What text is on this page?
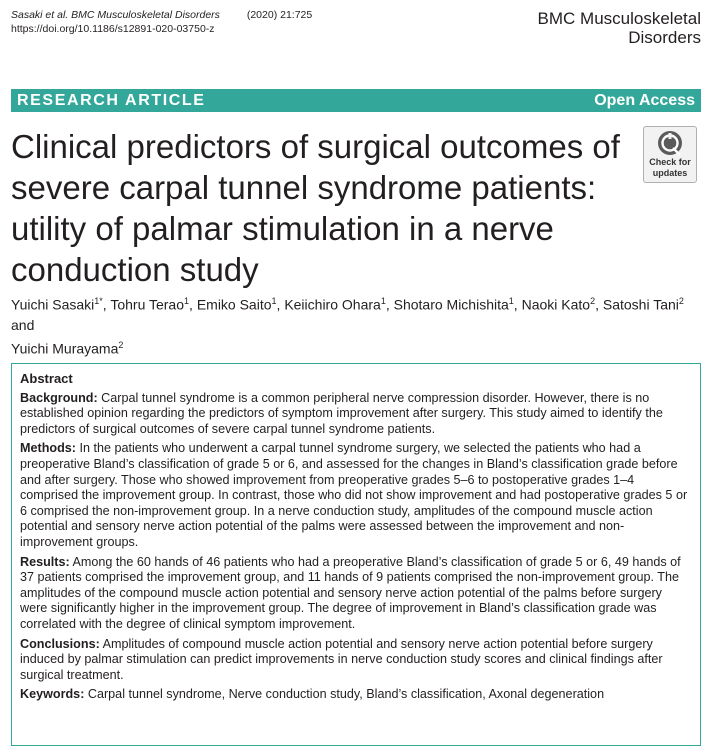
Sasaki et al. BMC Musculoskeletal Disorders	(2020) 21:725
https://doi.org/10.1186/s12891-020-03750-z
BMC Musculoskeletal
Disorders
RESEARCH ARTICLE	Open Access
Clinical predictors of surgical outcomes of severe carpal tunnel syndrome patients: utility of palmar stimulation in a nerve conduction study
Check for
updates
Yuichi Sasaki$^{1*}$, Tohru Terao$^1$, Emiko Saito$^1$, Keiichiro Ohara$^1$, Shotaro Michishita$^1$, Naoki Kato$^2$, Satoshi Tani$^2$ and
Yuichi Murayama$^2$
Abstract

Background: Carpal tunnel syndrome is a common peripheral nerve compression disorder. However, there is no established opinion regarding the predictors of symptom improvement after surgery. This study aimed to identify the predictors of surgical outcomes of severe carpal tunnel syndrome patients.

Methods: In the patients who underwent a carpal tunnel syndrome surgery, we selected the patients who had a preoperative Bland’s classification of grade 5 or 6, and assessed for the changes in Bland’s classification grade before and after surgery. Those who showed improvement from preoperative grades 5–6 to postoperative grades 1–4 comprised the improvement group. In contrast, those who did not show improvement and had postoperative grades 5 or 6 comprised the non-improvement group. In a nerve conduction study, amplitudes of the compound muscle action potential and sensory nerve action potential of the palms were assessed between the improvement and non-improvement groups.

Results: Among the 60 hands of 46 patients who had a preoperative Bland’s classification of grade 5 or 6, 49 hands of 37 patients comprised the improvement group, and 11 hands of 9 patients comprised the non-improvement group. The amplitudes of the compound muscle action potential and sensory nerve action potential of the palms before surgery were significantly higher in the improvement group. The degree of improvement in Bland’s classification grade was correlated with the degree of clinical symptom improvement.

Conclusions: Amplitudes of compound muscle action potential and sensory nerve action potential before surgery induced by palmar stimulation can predict improvements in nerve conduction study scores and clinical findings after surgical treatment.

Keywords: Carpal tunnel syndrome, Nerve conduction study, Bland’s classification, Axonal degeneration
